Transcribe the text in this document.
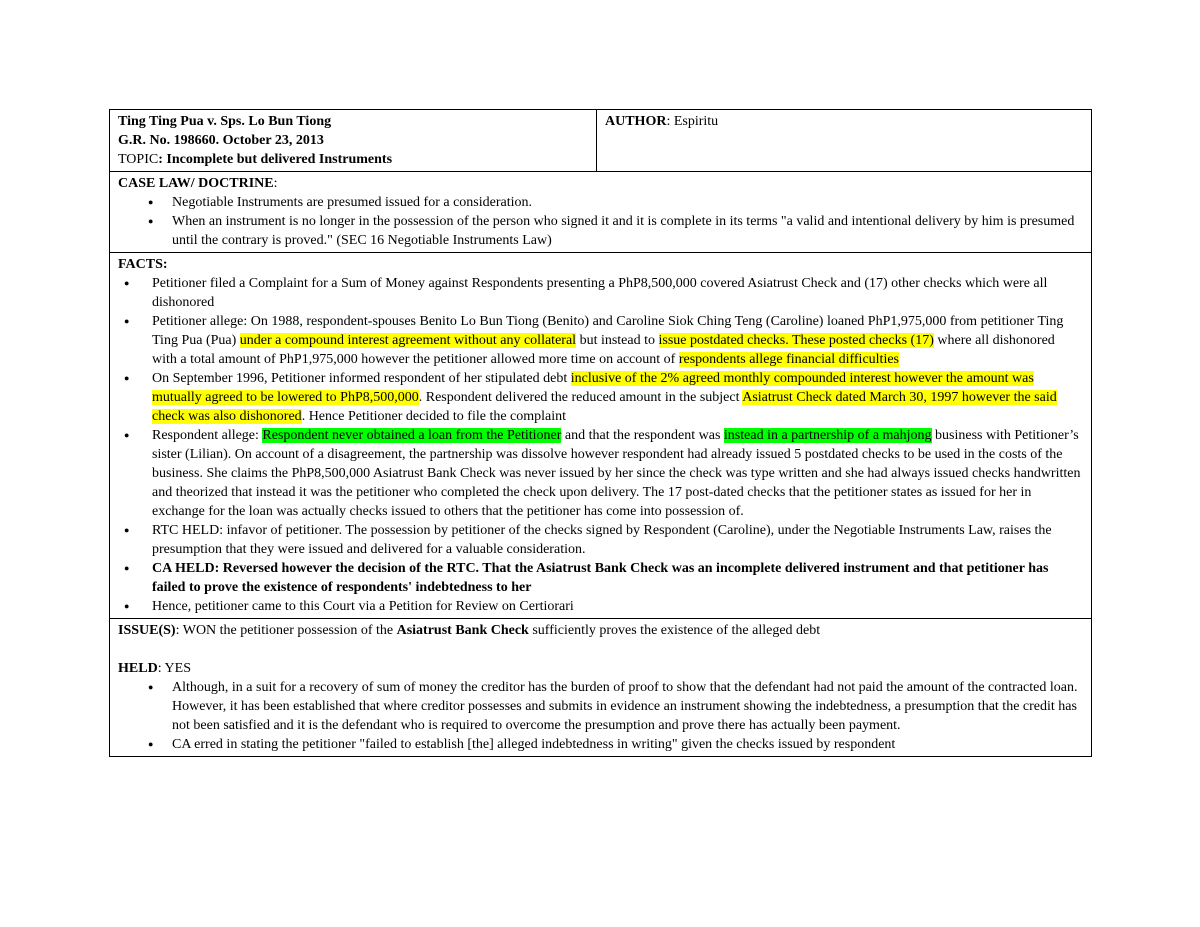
Ting Ting Pua v. Sps. Lo Bun Tiong
G.R. No. 198660. October 23, 2013
TOPIC: Incomplete but delivered Instruments
	AUTHOR: Espiritu

CASE LAW/ DOCTRINE:
● Negotiable Instruments are presumed issued for a consideration.
● When an instrument is no longer in the possession of the person who signed it and it is complete in its terms "a valid and intentional delivery by him is presumed until the contrary is proved." (SEC 16 Negotiable Instruments Law)

FACTS:
● Petitioner filed a Complaint for a Sum of Money against Respondents presenting a PhP8,500,000 covered Asiatrust Check and (17) other checks which were all dishonored
● Petitioner allege: On 1988, respondent-spouses Benito Lo Bun Tiong (Benito) and Caroline Siok Ching Teng (Caroline) loaned PhP1,975,000 from petitioner Ting Ting Pua (Pua) under a compound interest agreement without any collateral but instead to issue postdated checks. These posted checks (17) where all dishonored with a total amount of PhP1,975,000 however the petitioner allowed more time on account of respondents allege financial difficulties
● On September 1996, Petitioner informed respondent of her stipulated debt inclusive of the 2% agreed monthly compounded interest however the amount was mutually agreed to be lowered to PhP8,500,000. Respondent delivered the reduced amount in the subject Asiatrust Check dated March 30, 1997 however the said check was also dishonored. Hence Petitioner decided to file the complaint
● Respondent allege: Respondent never obtained a loan from the Petitioner and that the respondent was instead in a partnership of a mahjong business with Petitioner’s sister (Lilian). On account of a disagreement, the partnership was dissolve however respondent had already issued 5 postdated checks to be used in the costs of the business. She claims the PhP8,500,000 Asiatrust Bank Check was never issued by her since the check was type written and she had always issued checks handwritten and theorized that instead it was the petitioner who completed the check upon delivery. The 17 post-dated checks that the petitioner states as issued for her in exchange for the loan was actually checks issued to others that the petitioner has come into possession of.
● RTC HELD: infavor of petitioner. The possession by petitioner of the checks signed by Respondent (Caroline), under the Negotiable Instruments Law, raises the presumption that they were issued and delivered for a valuable consideration.
● CA HELD: Reversed however the decision of the RTC. That the Asiatrust Bank Check was an incomplete delivered instrument and that petitioner has failed to prove the existence of respondents' indebtedness to her
● Hence, petitioner came to this Court via a Petition for Review on Certiorari

ISSUE(S): WON the petitioner possession of the Asiatrust Bank Check sufficiently proves the existence of the alleged debt
HELD: YES
● Although, in a suit for a recovery of sum of money the creditor has the burden of proof to show that the defendant had not paid the amount of the contracted loan. However, it has been established that where creditor possesses and submits in evidence an instrument showing the indebtedness, a presumption that the credit has not been satisfied and it is the defendant who is required to overcome the presumption and prove there has actually been payment.
● CA erred in stating the petitioner "failed to establish [the] alleged indebtedness in writing" given the checks issued by respondent
